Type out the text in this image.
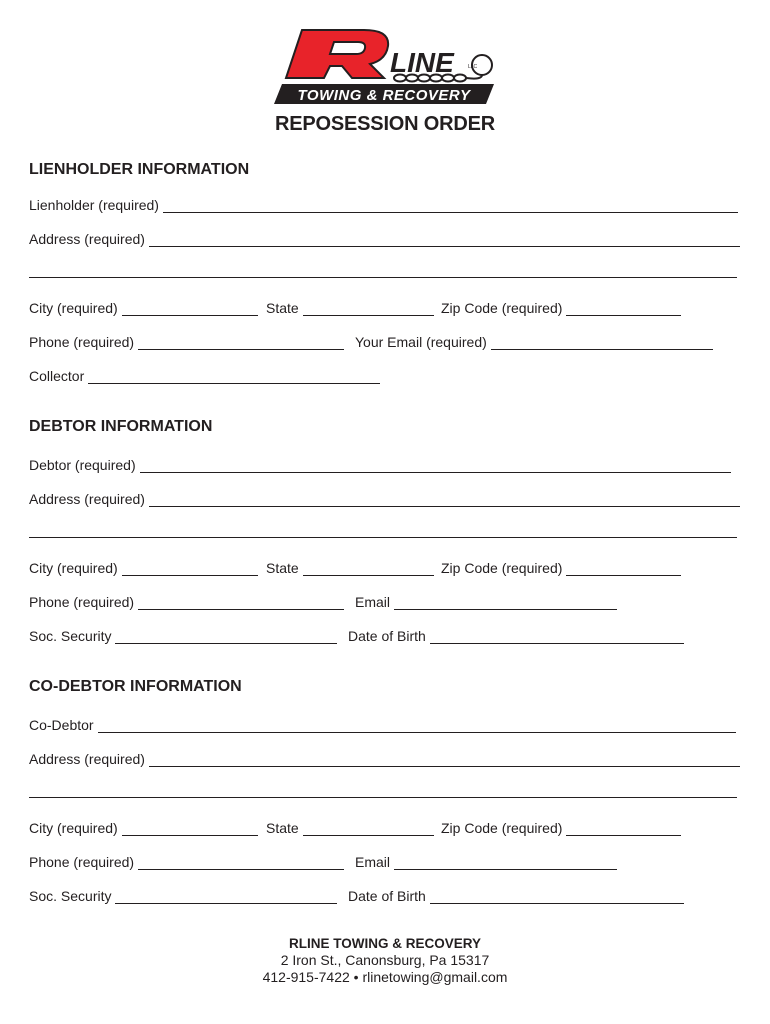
LINE	LLC
TOWING & RECOVERY
REPOSESSION ORDER
LIENHOLDER INFORMATION
Lienholder (required)
Address (required)
City (required)	State	Zip Code (required)
Phone (required)	Your Email (required)
Collector
DEBTOR INFORMATION
Debtor (required)
Address (required)
City (required)	State	Zip Code (required)
Phone (required)	Email
Soc. Security	Date of Birth
CO-DEBTOR INFORMATION
Co-Debtor
Address (required)
City (required)	State	Zip Code (required)
Phone (required)	Email
Soc. Security	Date of Birth
RLINE TOWING & RECOVERY
2 Iron St., Canonsburg, Pa 15317
412-915-7422 • rlinetowing@gmail.com
